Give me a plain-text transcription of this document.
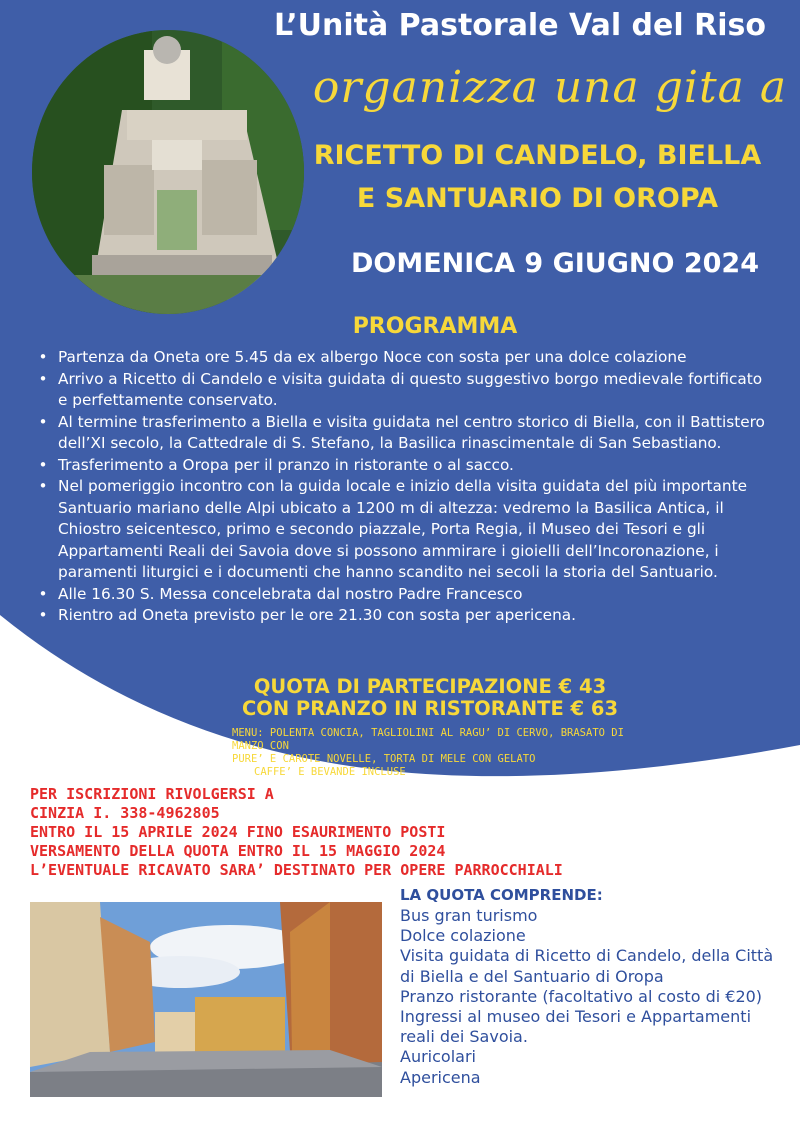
L’Unità Pastorale Val del Riso
organizza una gita a
RICETTO DI CANDELO, BIELLA
E SANTUARIO DI OROPA
DOMENICA 9 GIUGNO 2024
PROGRAMMA
• Partenza da Oneta ore 5.45 da ex albergo Noce con sosta per una dolce colazione
• Arrivo a Ricetto di Candelo e visita guidata di questo suggestivo borgo medievale fortificato e perfettamente conservato.
• Al termine trasferimento a Biella e visita guidata nel centro storico di Biella, con il Battistero dell’XI secolo, la Cattedrale di S. Stefano, la Basilica rinascimentale di San Sebastiano.
• Trasferimento a Oropa per il pranzo in ristorante o al sacco.
• Nel pomeriggio incontro con la guida locale e inizio della visita guidata del più importante Santuario mariano delle Alpi ubicato a 1200 m di altezza: vedremo la Basilica Antica, il Chiostro seicentesco, primo e secondo piazzale, Porta Regia, il Museo dei Tesori e gli Appartamenti Reali dei Savoia dove si possono ammirare i gioielli dell’Incoronazione, i paramenti liturgici e i documenti che hanno scandito nei secoli la storia del Santuario.
• Alle 16.30 S. Messa concelebrata dal nostro Padre Francesco
• Rientro ad Oneta previsto per le ore 21.30 con sosta per apericena.
QUOTA DI PARTECIPAZIONE € 43
CON PRANZO IN RISTORANTE € 63
MENU: POLENTA CONCIA, TAGLIOLINI AL RAGU’ DI CERVO, BRASATO DI MANZO CON
PURE’ E CAROTE NOVELLE, TORTA DI MELE CON GELATO
CAFFE’ E BEVANDE INCLUSE
PER ISCRIZIONI RIVOLGERSI A
CINZIA I. 338-4962805
ENTRO IL 15 APRILE 2024 FINO ESAURIMENTO POSTI
VERSAMENTO DELLA QUOTA ENTRO IL 15 MAGGIO 2024
L’EVENTUALE RICAVATO SARA’ DESTINATO PER OPERE PARROCCHIALI
LA QUOTA COMPRENDE:
Bus gran turismo
Dolce colazione
Visita guidata di Ricetto di Candelo, della Città di Biella e del Santuario di Oropa
Pranzo ristorante (facoltativo al costo di €20)
Ingressi al museo dei Tesori e Appartamenti reali dei Savoia.
Auricolari
Apericena
